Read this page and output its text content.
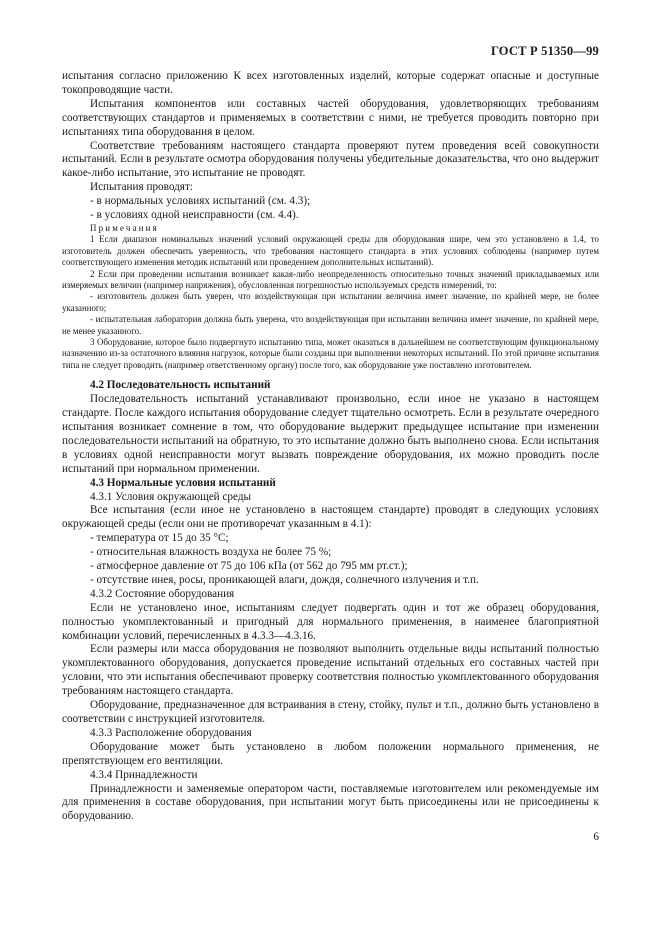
ГОСТ Р 51350—99

испытания согласно приложению К всех изготовленных изделий, которые содержат опасные и доступные токопроводящие части.

Испытания компонентов или составных частей оборудования, удовлетворяющих требованиям соответствующих стандартов и применяемых в соответствии с ними, не требуется проводить повторно при испытаниях типа оборудования в целом.

Соответствие требованиям настоящего стандарта проверяют путем проведения всей совокупности испытаний. Если в результате осмотра оборудования получены убедительные доказательства, что оно выдержит какое-либо испытание, это испытание не проводят.

Испытания проводят:

- в нормальных условиях испытаний (см. 4.3);

- в условиях одной неисправности (см. 4.4).

Примечания

1 Если диапазон номинальных значений условий окружающей среды для оборудования шире, чем это установлено в 1.4, то изготовитель должен обеспечить уверенность, что требования настоящего стандарта в этих условиях соблюдены (например путем соответствующего изменения методик испытаний или проведением дополнительных испытаний).

2 Если при проведении испытания возникает какая-либо неопределенность относительно точных значений прикладываемых или измеряемых величин (например напряжения), обусловленная погрешностью используемых средств измерений, то:

- изготовитель должен быть уверен, что воздействующая при испытании величина имеет значение, по крайней мере, не более указанного;

- испытательная лаборатория должна быть уверена, что воздействующая при испытании величина имеет значение, по крайней мере, не менее указанного.

3 Оборудование, которое было подвергнуто испытанию типа, может оказаться в дальнейшем не соответствующим функциональному назначению из-за остаточного влияния нагрузок, которые были созданы при выполнении некоторых испытаний. По этой причине испытания типа не следует проводить (например ответственному органу) после того, как оборудование уже поставлено изготовителем.

4.2 Последовательность испытаний

Последовательность испытаний устанавливают произвольно, если иное не указано в настоящем стандарте. После каждого испытания оборудование следует тщательно осмотреть. Если в результате очередного испытания возникает сомнение в том, что оборудование выдержит предыдущее испытание при изменении последовательности испытаний на обратную, то это испытание должно быть выполнено снова. Если испытания в условиях одной неисправности могут вызвать повреждение оборудования, их можно проводить после испытаний при нормальном применении.

4.3 Нормальные условия испытаний

4.3.1 Условия окружающей среды

Все испытания (если иное не установлено в настоящем стандарте) проводят в следующих условиях окружающей среды (если они не противоречат указанным в 4.1):

- температура от 15 до 35 °С;

- относительная влажность воздуха не более 75 %;

- атмосферное давление от 75 до 106 кПа (от 562 до 795 мм рт.ст.);

- отсутствие инея, росы, проникающей влаги, дождя, солнечного излучения и т.п.

4.3.2 Состояние оборудования

Если не установлено иное, испытаниям следует подвергать один и тот же образец оборудования, полностью укомплектованный и пригодный для нормального применения, в наименее благоприятной комбинации условий, перечисленных в 4.3.3—4.3.16.

Если размеры или масса оборудования не позволяют выполнить отдельные виды испытаний полностью укомплектованного оборудования, допускается проведение испытаний отдельных его составных частей при условии, что эти испытания обеспечивают проверку соответствия полностью укомплектованного оборудования требованиям настоящего стандарта.

Оборудование, предназначенное для встраивания в стену, стойку, пульт и т.п., должно быть установлено в соответствии с инструкцией изготовителя.

4.3.3 Расположение оборудования

Оборудование может быть установлено в любом положении нормального применения, не препятствующем его вентиляции.

4.3.4 Принадлежности

Принадлежности и заменяемые оператором части, поставляемые изготовителем или рекомендуемые им для применения в составе оборудования, при испытании могут быть присоединены или не присоединены к оборудованию.

6
